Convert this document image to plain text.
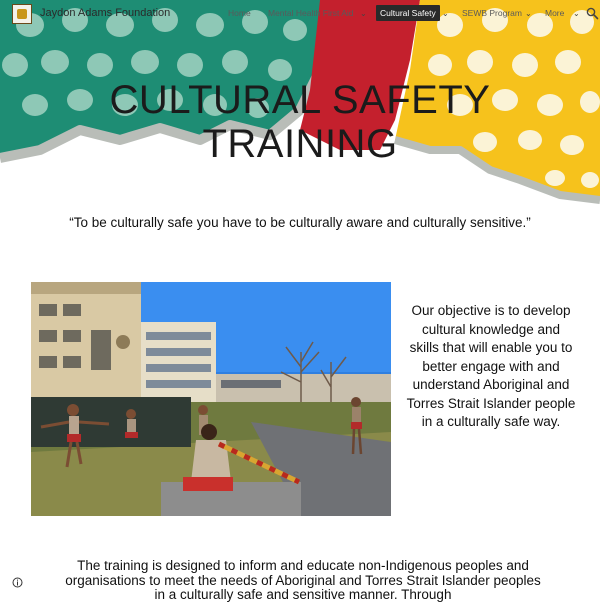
CULTURAL SAFETY
TRAINING
Jaydon Adams Foundation	Home Mental Health First Aid ⌄	Cultural Safety ⌄ SEWB Program ⌄ More ⌄
“To be culturally safe you have to be culturally aware and culturally sensitive.”
Our objective is to develop cultural knowledge and skills that will enable you to better engage with and understand Aboriginal and Torres Strait Islander people in a culturally safe way.
The training is designed to inform and educate non-Indigenous peoples and organisations to meet the needs of Aboriginal and Torres Strait Islander peoples in a culturally safe and sensitive manner. Through
